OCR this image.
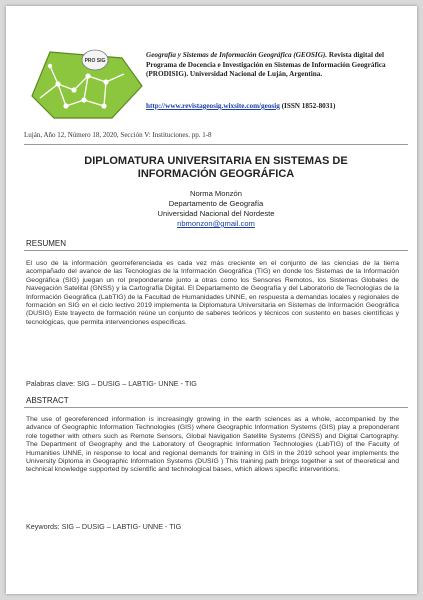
PRO SIG
Geografía y Sistemas de Información Geográfica (GEOSIG). Revista digital del Programa de Docencia e Investigación en Sistemas de Información Geográfica (PRODISIG). Universidad Nacional de Luján, Argentina.
http://www.revistageosig.wixsite.com/geosig (ISSN 1852-8031)
Luján, Año 12, Número 18, 2020, Sección V: Instituciones. pp. 1-8
DIPLOMATURA UNIVERSITARIA EN SISTEMAS DE
INFORMACIÓN GEOGRÁFICA
Norma Monzón
Departamento de Geografía
Universidad Nacional del Nordeste
nbmonzon@gmail.com
RESUMEN
El uso de la información georreferenciada es cada vez más creciente en el conjunto de las ciencias de la tierra acompañado del avance de las Tecnologías de la Información Geográfica (TIG) en donde los Sistemas de la Información Geográfica (SIG) juegan un rol preponderante junto a otras como los Sensores Remotos, los Sistemas Globales de Navegación Satelital (GNSS) y la Cartografía Digital. El Departamento de Geografía y del Laboratorio de Tecnologías de la Información Geográfica (LabTIG) de la Facultad de Humanidades UNNE, en respuesta a demandas locales y regionales de formación en SIG en el ciclo lectivo 2019 implementa la Diplomatura Universitaria en Sistemas de Información Geográfica (DUSIG) Este trayecto de formación reúne un conjunto de saberes teóricos y técnicos con sustento en bases científicas y tecnológicas, que permita intervenciones específicas.
Palabras clave: SIG – DUSIG – LABTIG- UNNE - TIG
ABSTRACT
The use of georeferenced information is increasingly growing in the earth sciences as a whole, accompanied by the advance of Geographic Information Technologies (GIS) where Geographic Information Systems (GIS) play a preponderant role together with others such as Remote Sensors, Global Navigation Satellite Systems (GNSS) and Digital Cartography. The Department of Geography and the Laboratory of Geographic Information Technologies (LabTIG) of the Faculty of Humanities UNNE, in response to local and regional demands for training in GIS in the 2019 school year implements the University Diploma in Geographic Information Systems (DUSIG ) This training path brings together a set of theoretical and technical knowledge supported by scientific and technological bases, which allows specific interventions.
Keywords: SIG – DUSIG – LABTIG- UNNE - TIG
